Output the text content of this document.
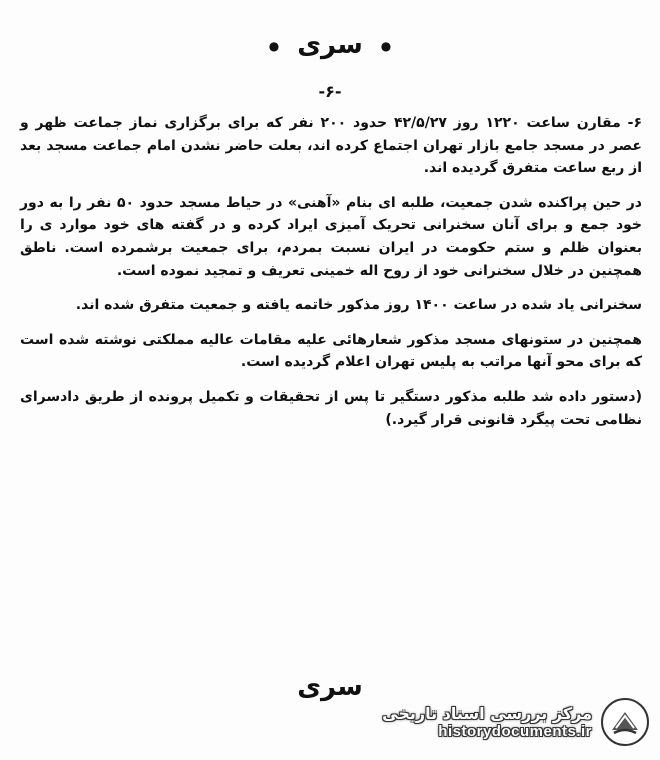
● سری ●
-۶-

۶- مقارن ساعت ۱۲۲۰ روز ۴۲/۵/۲۷ حدود ۲۰۰ نفر که برای برگزاری نماز جماعت ظهر و عصر در مسجد جامع بازار تهران اجتماع کرده اند، بعلت حاضر نشدن امام جماعت مسجد بعد از ربع ساعت متفرق گردیده اند.

در حین پراکنده شدن جمعیت، طلبه ای بنام «آهنی» در حیاط مسجد حدود ۵۰ نفر را به دور خود جمع و برای آنان سخنرانی تحریک آمیزی ایراد کرده و در گفته های خود موارد ی را بعنوان ظلم و ستم حکومت در ایران نسبت بمردم، برای جمعیت برشمرده است. ناطق همچنین در خلال سخنرانی خود از روح اله خمینی تعریف و تمجید نموده است.

سخنرانی یاد شده در ساعت ۱۴۰۰ روز مذکور خاتمه یافته و جمعیت متفرق شده اند.

همچنین در ستونهای مسجد مذکور شعارهائی علیه مقامات عالیه مملکتی نوشته شده است که برای محو آنها مراتب به پلیس تهران اعلام گردیده است.

(دستور داده شد طلبه مذکور دستگیر تا پس از تحقیقات و تکمیل پرونده از طریق دادسرای نظامی تحت پیگرد قانونی قرار گیرد.)

سری
مرکز بررسی اسناد تاریخی
historydocuments.ir
